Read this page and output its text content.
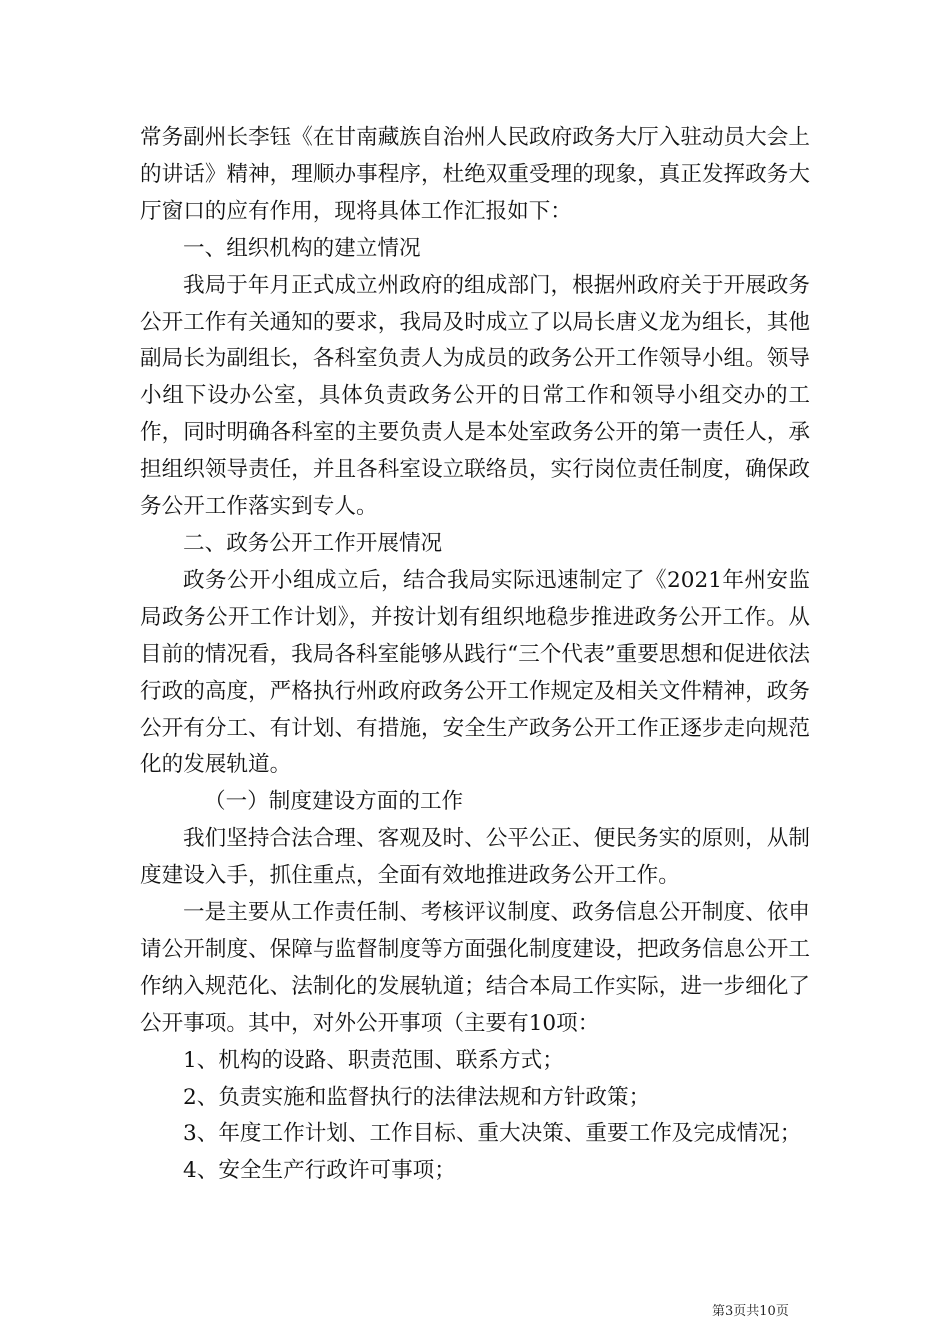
常务副州长李钰《在甘南藏族自治州人民政府政务大厅入驻动员大会上的讲话》精神，理顺办事程序，杜绝双重受理的现象，真正发挥政务大厅窗口的应有作用，现将具体工作汇报如下：

一、组织机构的建立情况

我局于年月正式成立州政府的组成部门，根据州政府关于开展政务公开工作有关通知的要求，我局及时成立了以局长唐义龙为组长，其他副局长为副组长，各科室负责人为成员的政务公开工作领导小组。领导小组下设办公室，具体负责政务公开的日常工作和领导小组交办的工作，同时明确各科室的主要负责人是本处室政务公开的第一责任人，承担组织领导责任，并且各科室设立联络员，实行岗位责任制度，确保政务公开工作落实到专人。

二、政务公开工作开展情况

政务公开小组成立后，结合我局实际迅速制定了《2021年州安监局政务公开工作计划》，并按计划有组织地稳步推进政务公开工作。从目前的情况看，我局各科室能够从践行“三个代表”重要思想和促进依法行政的高度，严格执行州政府政务公开工作规定及相关文件精神，政务公开有分工、有计划、有措施，安全生产政务公开工作正逐步走向规范化的发展轨道。

（一）制度建设方面的工作

我们坚持合法合理、客观及时、公平公正、便民务实的原则，从制度建设入手，抓住重点，全面有效地推进政务公开工作。

一是主要从工作责任制、考核评议制度、政务信息公开制度、依申请公开制度、保障与监督制度等方面强化制度建设，把政务信息公开工作纳入规范化、法制化的发展轨道；结合本局工作实际，进一步细化了公开事项。其中，对外公开事项（主要有10项：

1、机构的设路、职责范围、联系方式；

2、负责实施和监督执行的法律法规和方针政策；

3、年度工作计划、工作目标、重大决策、重要工作及完成情况；

4、安全生产行政许可事项；

第3页共10页
